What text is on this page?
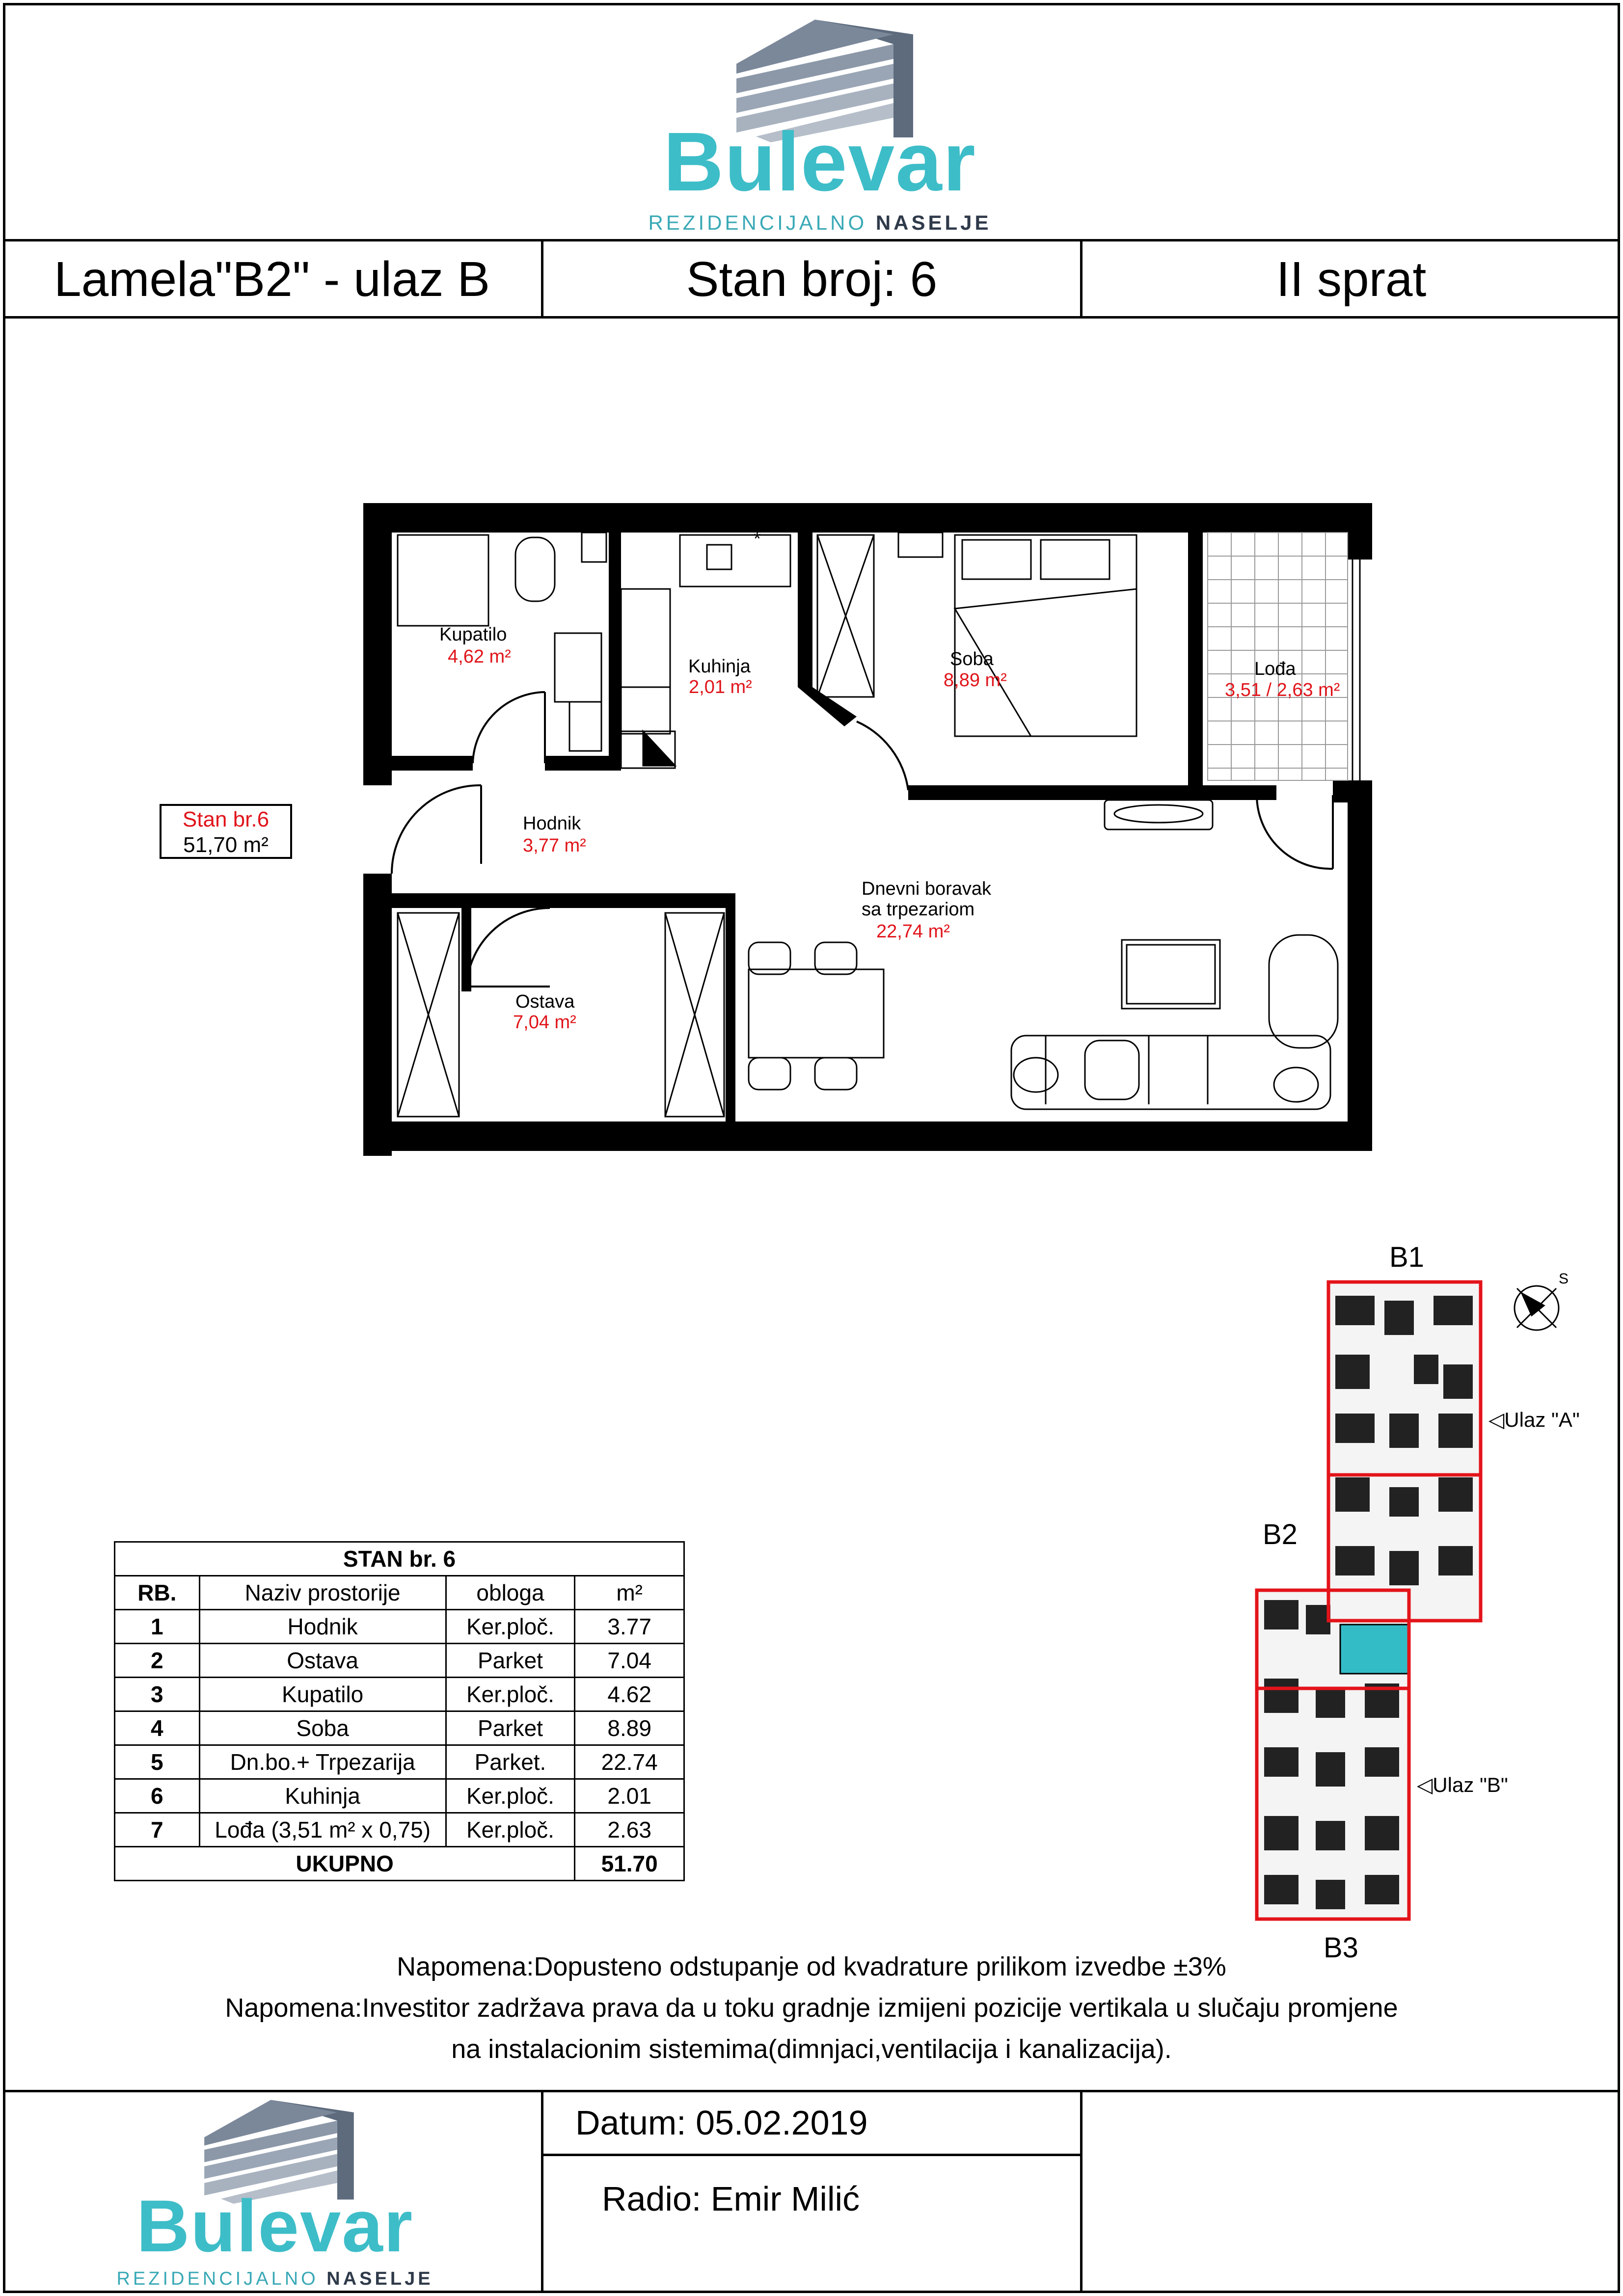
Bulevar
REZIDENCIJALNO NASELJE
Lamela"B2" - ulaz B	Stan broj: 6	II sprat
*
Kupatilo
4,62 m²	Kuhinja
2,01 m²
Soba
8,89 m²
Lođa
3,51 / 2,63 m²
Hodnik
3,77 m²
Dnevni boravak
sa trpezariom
22,74 m²
Ostava
7,04 m²
Stan br.6
51,70 m²
STAN br. 6			
RB.	Naziv prostorije	obloga	m²
1	Hodnik	Ker.ploč.	3.77
2	Ostava	Parket	7.04
3	Kupatilo	Ker.ploč.	4.62
4	Soba	Parket	8.89
5	Dn.bo.+ Trpezarija	Parket.	22.74
6	Kuhinja	Ker.ploč.	2.01
7	Lođa (3,51 m² x 0,75)	Ker.ploč.	2.63
UKUPNO			51.70
S
B1
B2
B3
◁Ulaz "A"
◁Ulaz "B"
Napomena:Dopusteno odstupanje od kvadrature prilikom izvedbe ±3%
Napomena:Investitor zadržava prava da u toku gradnje izmijeni pozicije vertikala u slučaju promjene
na instalacionim sistemima(dimnjaci,ventilacija i kanalizacija).
Bulevar
REZIDENCIJALNO NASELJE
Datum: 05.02.2019
Radio: Emir Milić
